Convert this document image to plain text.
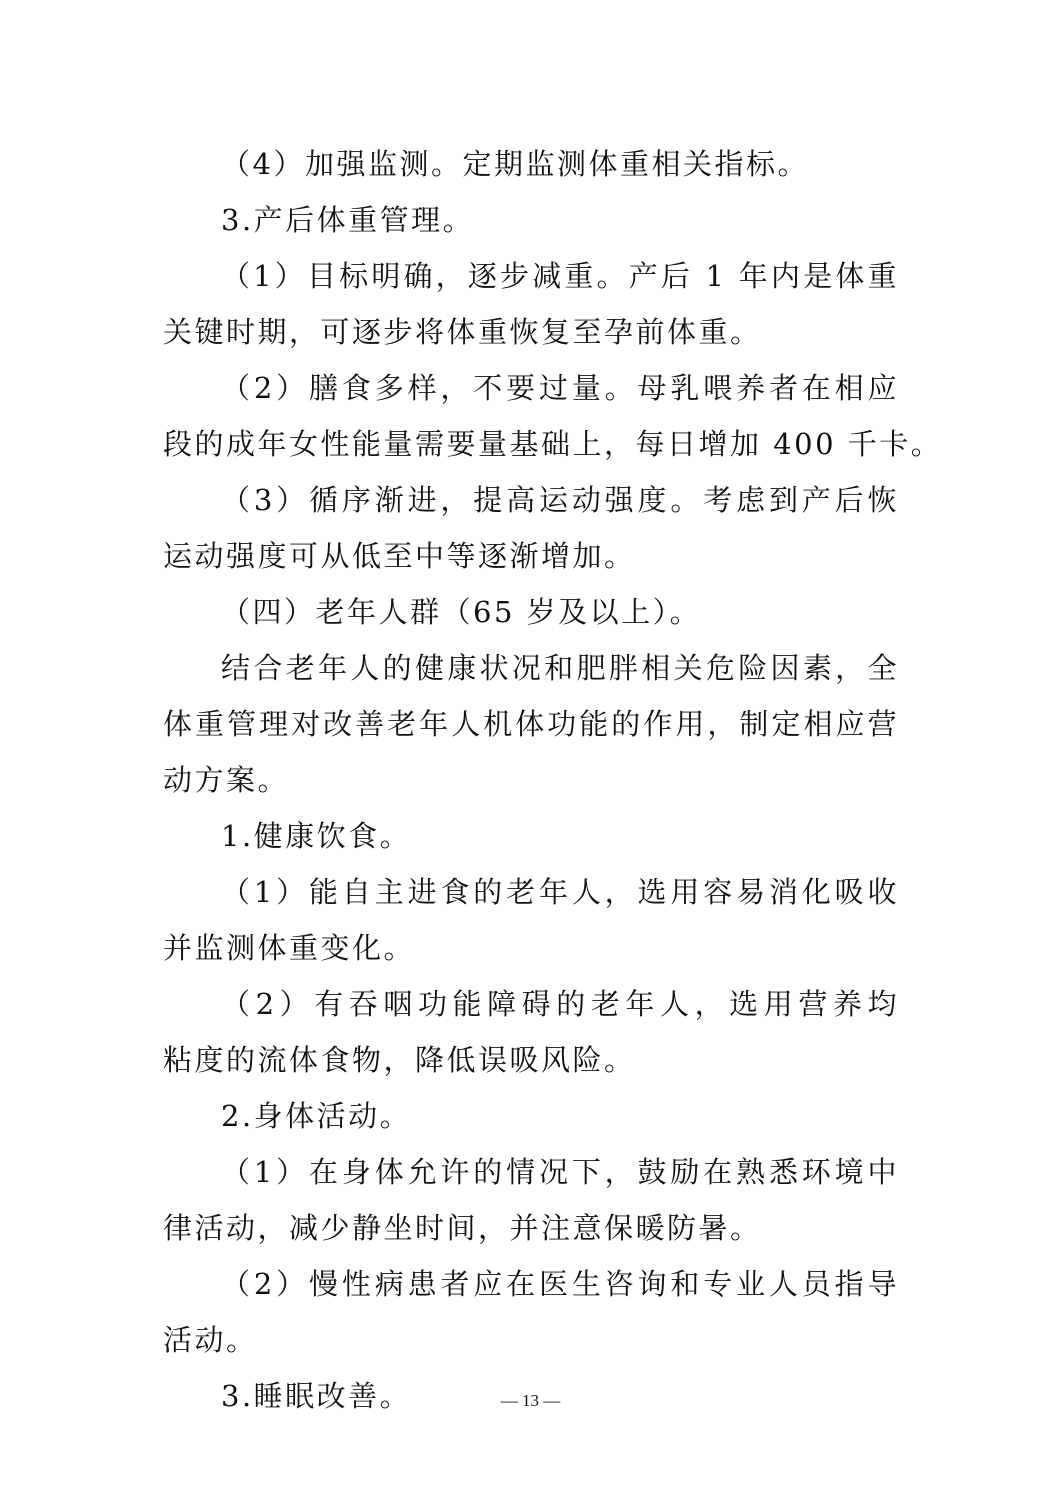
（4）加强监测。定期监测体重相关指标。
3.产后体重管理。
（1）目标明确，逐步减重。产后 1 年内是体重
关键时期，可逐步将体重恢复至孕前体重。
（2）膳食多样，不要过量。母乳喂养者在相应
段的成年女性能量需要量基础上，每日增加 400 千卡。
（3）循序渐进，提高运动强度。考虑到产后恢
运动强度可从低至中等逐渐增加。
（四）老年人群（65 岁及以上）。
结合老年人的健康状况和肥胖相关危险因素，全
体重管理对改善老年人机体功能的作用，制定相应营
动方案。
1.健康饮食。
（1）能自主进食的老年人，选用容易消化吸收
并监测体重变化。
（2）有吞咽功能障碍的老年人，选用营养均
粘度的流体食物，降低误吸风险。
2.身体活动。
（1）在身体允许的情况下，鼓励在熟悉环境中
律活动，减少静坐时间，并注意保暖防暑。
（2）慢性病患者应在医生咨询和专业人员指导
活动。
3.睡眠改善。	— 13 —
